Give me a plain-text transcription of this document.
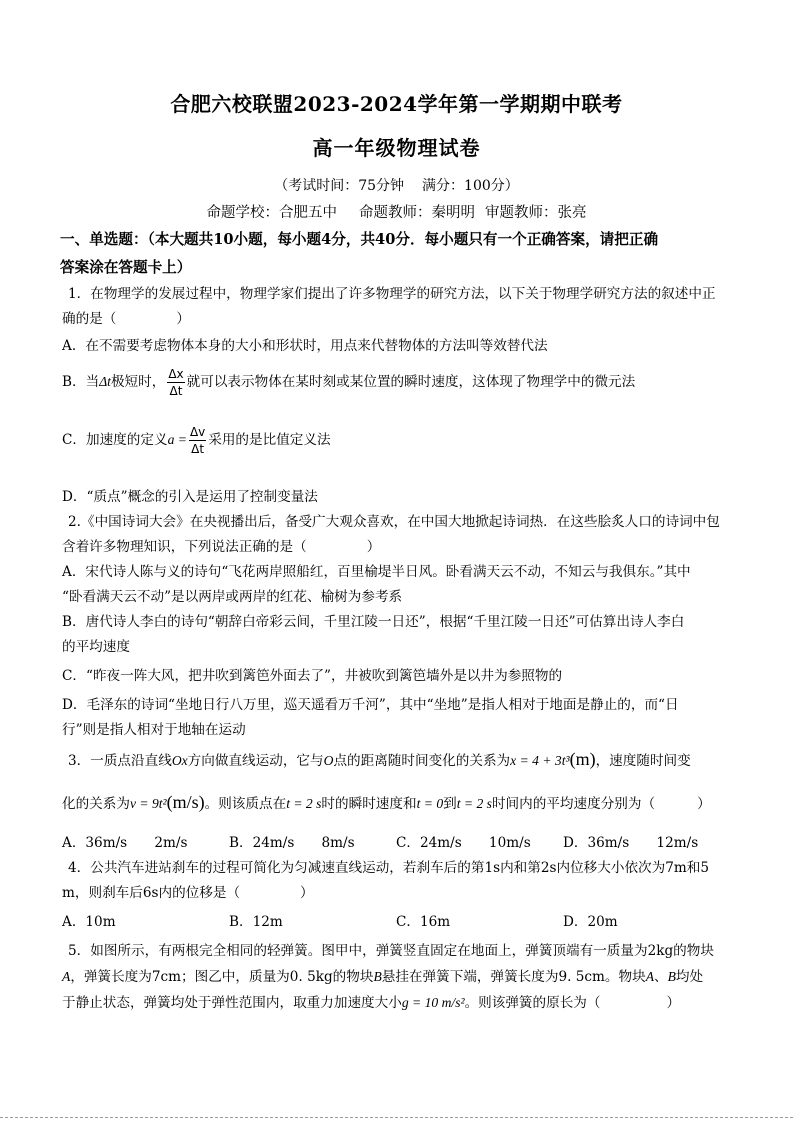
合肥六校联盟2023-2024学年第一学期期中联考
高一年级物理试卷
（考试时间：75分钟 满分：100分）
命题学校：合肥五中 命题教师：秦明明 审题教师：张亮
一、单选题：（本大题共10小题，每小题4分，共40分．每小题只有一个正确答案，请把正确
答案涂在答题卡上）
1．在物理学的发展过程中，物理学家们提出了许多物理学的研究方法，以下关于物理学研究方法的叙述中正
确的是（	）
A．在不需要考虑物体本身的大小和形状时，用点来代替物体的方法叫等效替代法
B．当Δt极短时， $\frac{\Delta x}{\Delta t}$ 就可以表示物体在某时刻或某位置的瞬时速度，这体现了物理学中的微元法
C．加速度的定义$a = \frac{\Delta v}{\Delta t}$ 采用的是比值定义法
D．“质点”概念的引入是运用了控制变量法
2.《中国诗词大会》在央视播出后，备受广大观众喜欢，在中国大地掀起诗词热．在这些脍炙人口的诗词中包
含着许多物理知识，下列说法正确的是（	）
A．宋代诗人陈与义的诗句“飞花两岸照船红，百里榆堤半日风。卧看满天云不动，不知云与我俱东。”其中
“卧看满天云不动”是以两岸或两岸的红花、榆树为参考系
B．唐代诗人李白的诗句“朝辞白帝彩云间，千里江陵一日还”，根据“千里江陵一日还”可估算出诗人李白
的平均速度
C．“昨夜一阵大风，把井吹到篱笆外面去了”，井被吹到篱笆墙外是以井为参照物的
D．毛泽东的诗词“坐地日行八万里，巡天遥看万千河”，其中“坐地”是指人相对于地面是静止的，而“日
行”则是指人相对于地轴在运动
3．一质点沿直线Ox方向做直线运动，它与O点的距离随时间变化的关系为x = 4 + 3t³(m)，速度随时间变
化的关系为v = 9t²(m/s)。则该质点在t = 2 s时的瞬时速度和t = 0到t = 2 s时间内的平均速度分别为（	）
A．36m/s　　2m/s	B．24m/s　　8m/s	C．24m/s　　10m/s D．36m/s　　12m/s
4．公共汽车进站刹车的过程可简化为匀减速直线运动，若刹车后的第1s内和第2s内位移大小依次为7m和5
m，则刹车后6s内的位移是（	）
A．10m	B．12m	C．16m	D．20m
5．如图所示，有两根完全相同的轻弹簧。图甲中，弹簧竖直固定在地面上，弹簧顶端有一质量为2kg的物块
A，弹簧长度为7cm；图乙中，质量为0. 5kg的物块B悬挂在弹簧下端，弹簧长度为9. 5cm。物块A、B均处
于静止状态，弹簧均处于弹性范围内，取重力加速度大小g = 10 m/s²。则该弹簧的原长为（	）
